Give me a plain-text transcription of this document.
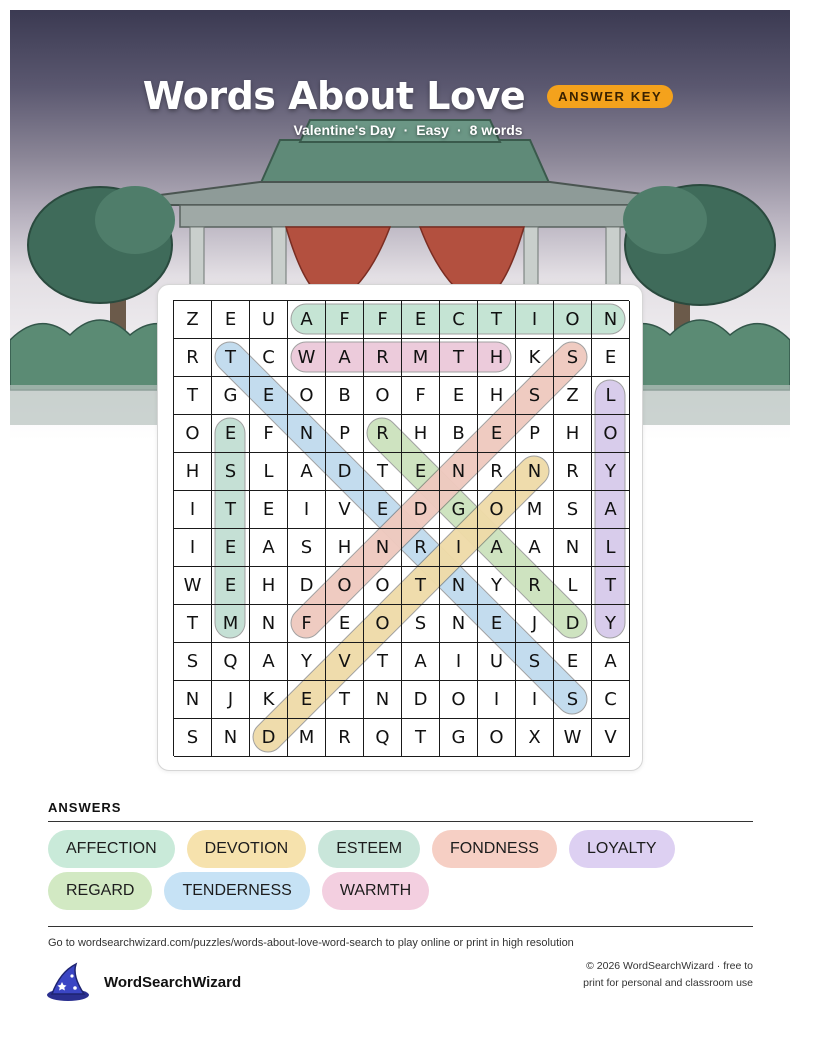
Words About Love	ANSWER KEY
Valentine's Day · Easy · 8 words
Z	E	U	A	F	F	E	C	T	I	O	N
R	T	C	W	A	R	M	T	H	K	S	E
T	G	E	O	B	O	F	E	H	S	Z	L
O	E	F	N	P	R	H	B	E	P	H	O
H	S	L	A	D	T	E	N	R	N	R	Y
I	T	E	I	V	E	D	G	O	M	S	A
I	E	A	S	H	N	R	I	A	A	N	L
W	E	H	D	O	O	T	N	Y	R	L	T
T	M	N	F	E	O	S	N	E	J	D	Y
S	Q	A	Y	V	T	A	I	U	S	E	A
N	J	K	E	T	N	D	O	I	I	S	C
S	N	D	M	R	Q	T	G	O	X	W	V
ANSWERS
AFFECTION	DEVOTION	ESTEEM	FONDNESS	LOYALTY
REGARD	TENDERNESS	WARMTH
Go to wordsearchwizard.com/puzzles/words-about-love-word-search to play online or print in high resolution
WordSearchWizard
© 2026 WordSearchWizard · free to print for personal and classroom use
